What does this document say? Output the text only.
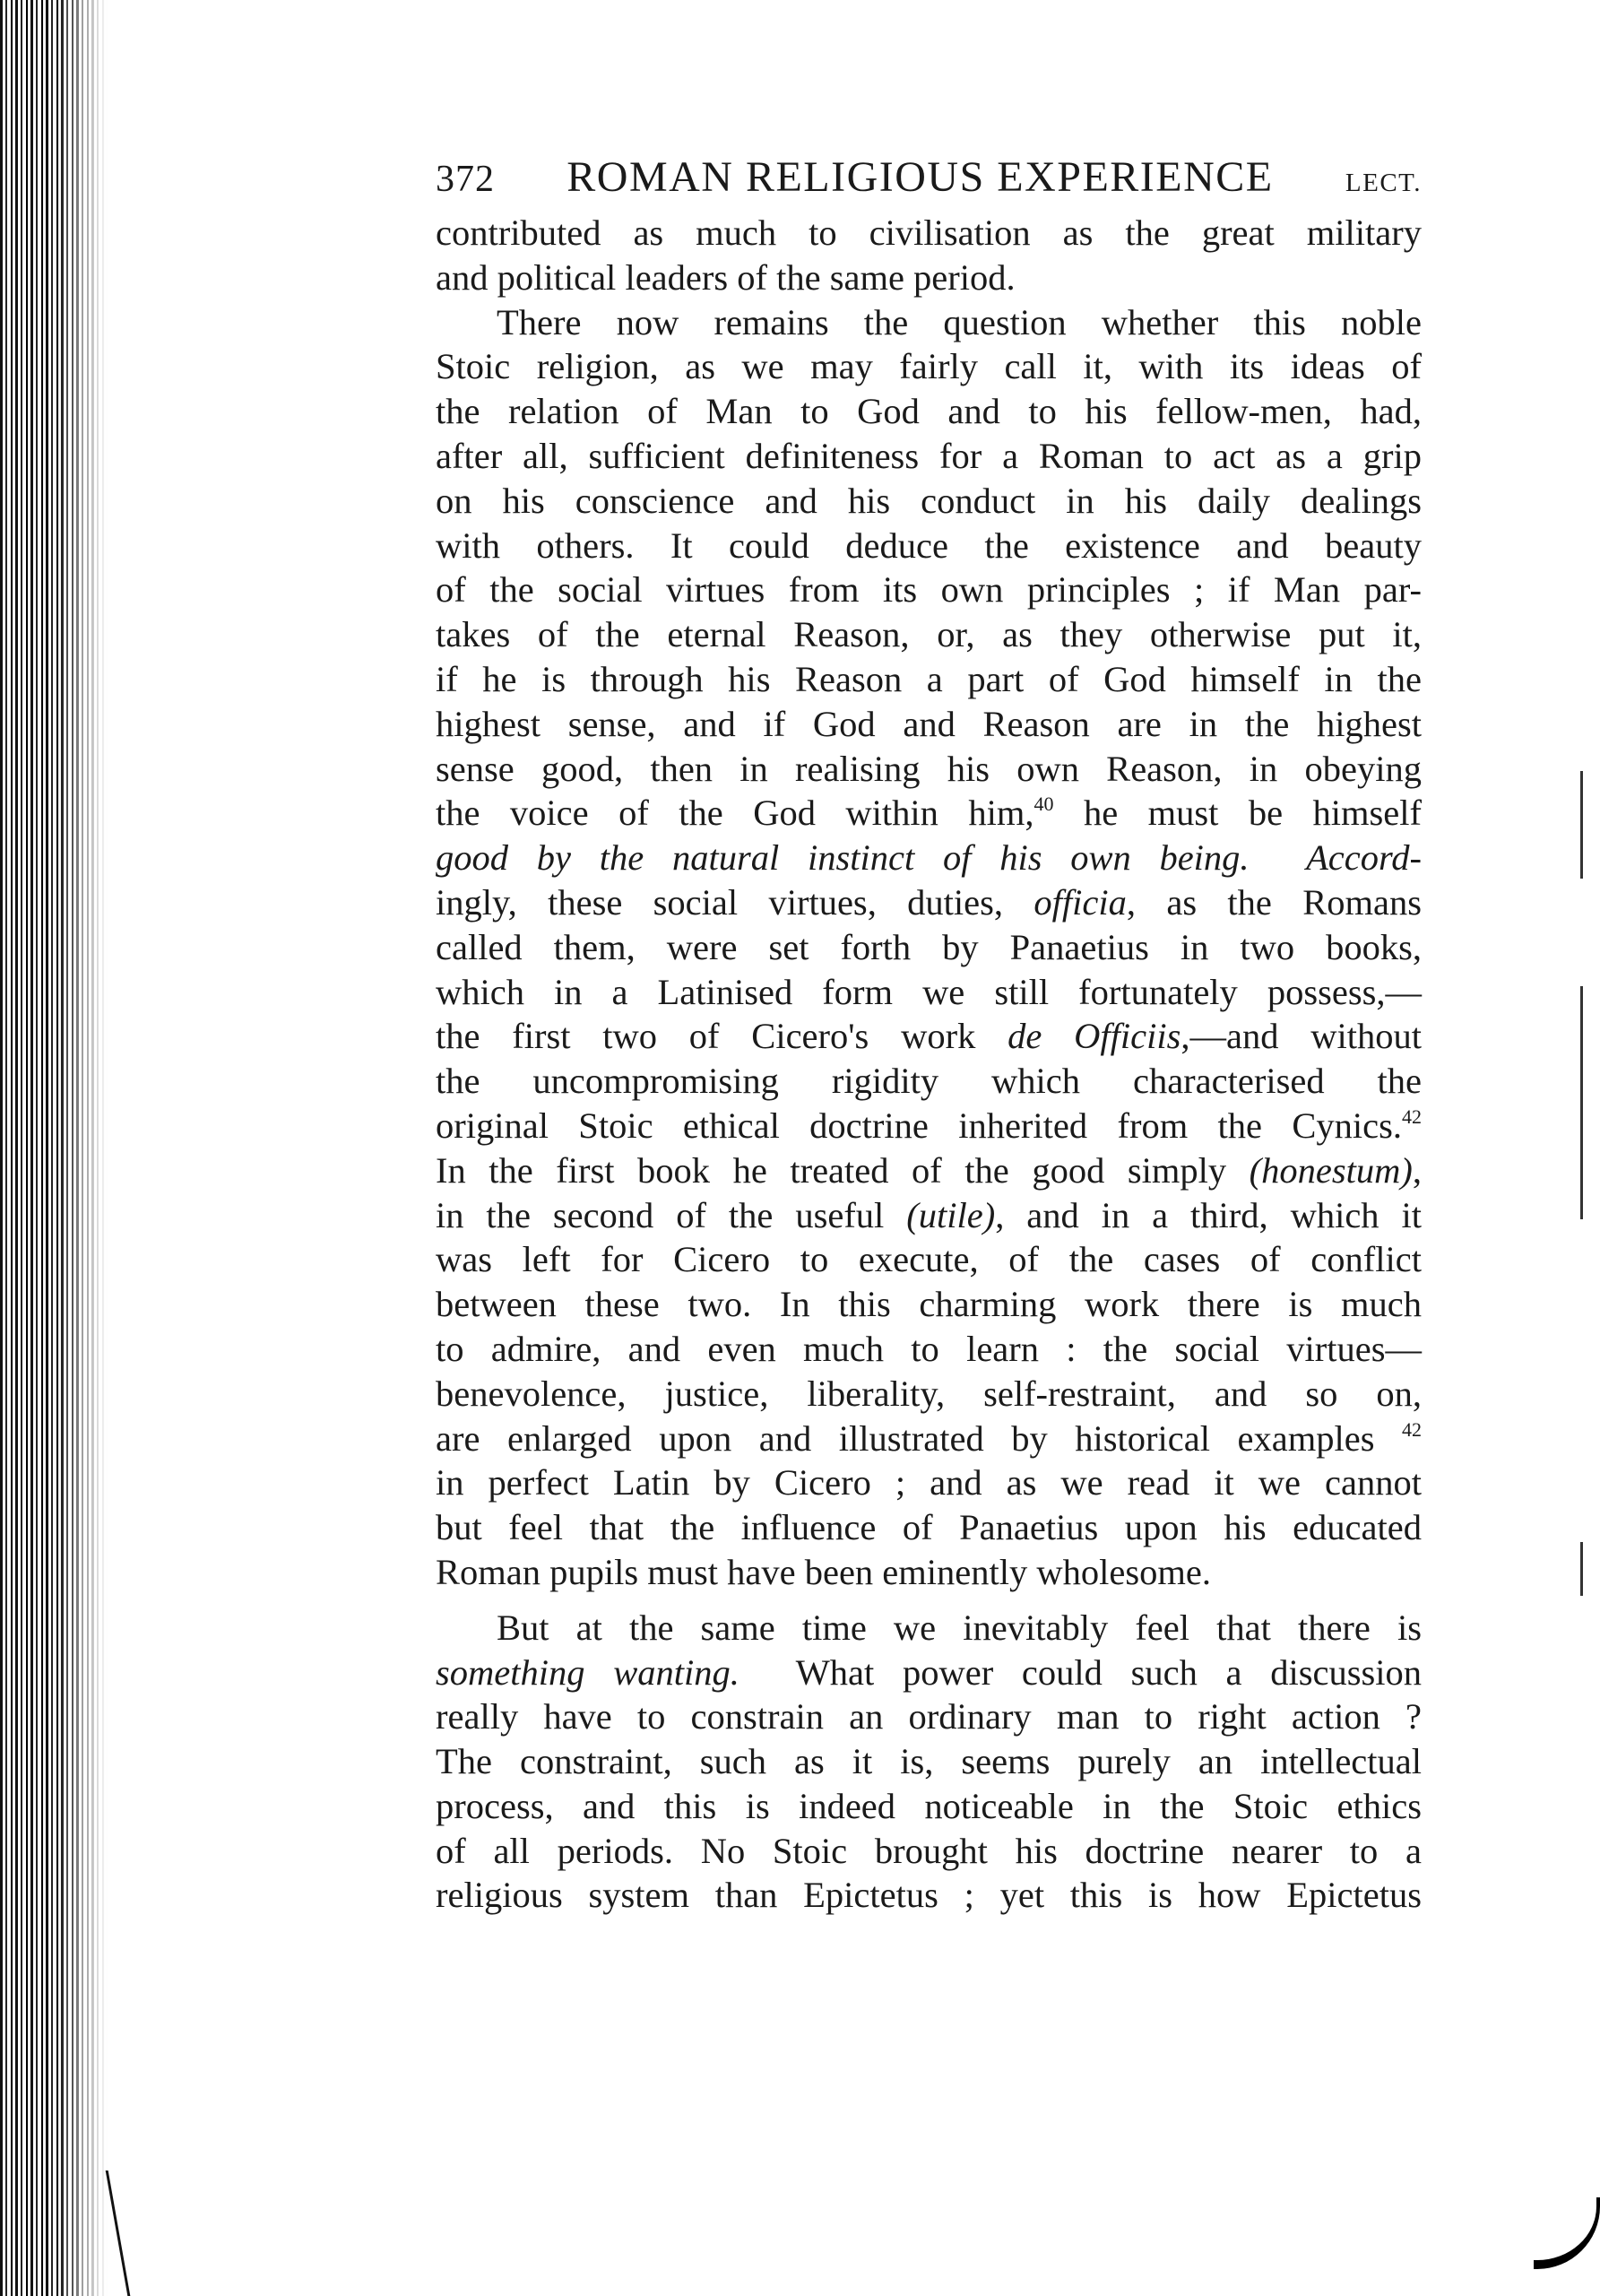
372 ROMAN RELIGIOUS EXPERIENCE	LECT.

contributed as much to civilisation as the great military

and political leaders of the same period.

There now remains the question whether this noble

Stoic religion, as we may fairly call it, with its ideas of

the relation of Man to God and to his fellow-men, had,

after all, sufficient definiteness for a Roman to act as a grip

on his conscience and his conduct in his daily dealings

with others. It could deduce the existence and beauty

of the social virtues from its own principles ; if Man par-

takes of the eternal Reason, or, as they otherwise put it,

if he is through his Reason a part of God himself in the

highest sense, and if God and Reason are in the highest

sense good, then in realising his own Reason, in obeying

the voice of the God within him,$^{40}$ he must be himself

good by the natural instinct of his own being. Accord-

ingly, these social virtues, duties, officia, as the Romans

called them, were set forth by Panaetius in two books,

which in a Latinised form we still fortunately possess,—

the first two of Cicero's work de Officiis,—and without

the uncompromising rigidity which characterised the

original Stoic ethical doctrine inherited from the Cynics.$^{42}$

In the first book he treated of the good simply (honestum),

in the second of the useful (utile), and in a third, which it

was left for Cicero to execute, of the cases of conflict

between these two. In this charming work there is much

to admire, and even much to learn : the social virtues—

benevolence, justice, liberality, self-restraint, and so on,

are enlarged upon and illustrated by historical examples $^{42}$

in perfect Latin by Cicero ; and as we read it we cannot

but feel that the influence of Panaetius upon his educated

Roman pupils must have been eminently wholesome.

But at the same time we inevitably feel that there is

something wanting. What power could such a discussion

really have to constrain an ordinary man to right action ?

The constraint, such as it is, seems purely an intellectual

process, and this is indeed noticeable in the Stoic ethics

of all periods. No Stoic brought his doctrine nearer to a

religious system than Epictetus ; yet this is how Epictetus
